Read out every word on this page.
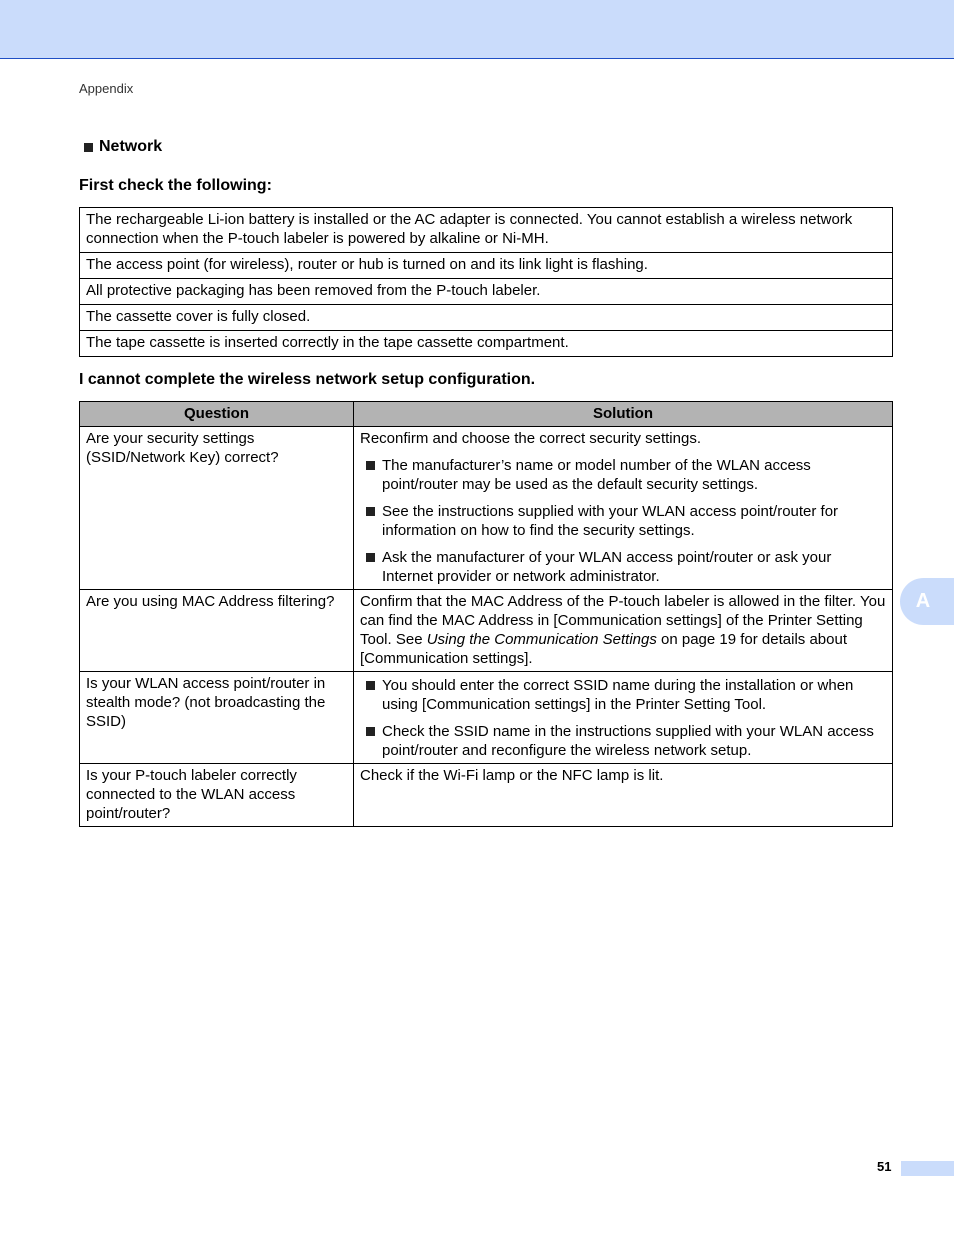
Appendix
Network
First check the following:
The rechargeable Li-ion battery is installed or the AC adapter is connected. You cannot establish a wireless network connection when the P-touch labeler is powered by alkaline or Ni-MH.
The access point (for wireless), router or hub is turned on and its link light is flashing.
All protective packaging has been removed from the P-touch labeler.
The cassette cover is fully closed.
The tape cassette is inserted correctly in the tape cassette compartment.
I cannot complete the wireless network setup configuration.
Question	Solution
Are your security settings (SSID/Network Key) correct?	Reconfirm and choose the correct security settings.
The manufacturer’s name or model number of the WLAN access point/router may be used as the default security settings.
See the instructions supplied with your WLAN access point/router for information on how to find the security settings.
Ask the manufacturer of your WLAN access point/router or ask your Internet provider or network administrator.

Are you using MAC Address filtering?	Confirm that the MAC Address of the P-touch labeler is allowed in the filter. You can find the MAC Address in [Communication settings] of the Printer Setting Tool. See Using the Communication Settings on page 19 for details about [Communication settings].
Is your WLAN access point/router in stealth mode? (not broadcasting the SSID)	You should enter the correct SSID name during the installation or when using [Communication settings] in the Printer Setting Tool.
Check the SSID name in the instructions supplied with your WLAN access point/router and reconfigure the wireless network setup.

Is your P-touch labeler correctly connected to the WLAN access point/router?	Check if the Wi-Fi lamp or the NFC lamp is lit.
A
51
